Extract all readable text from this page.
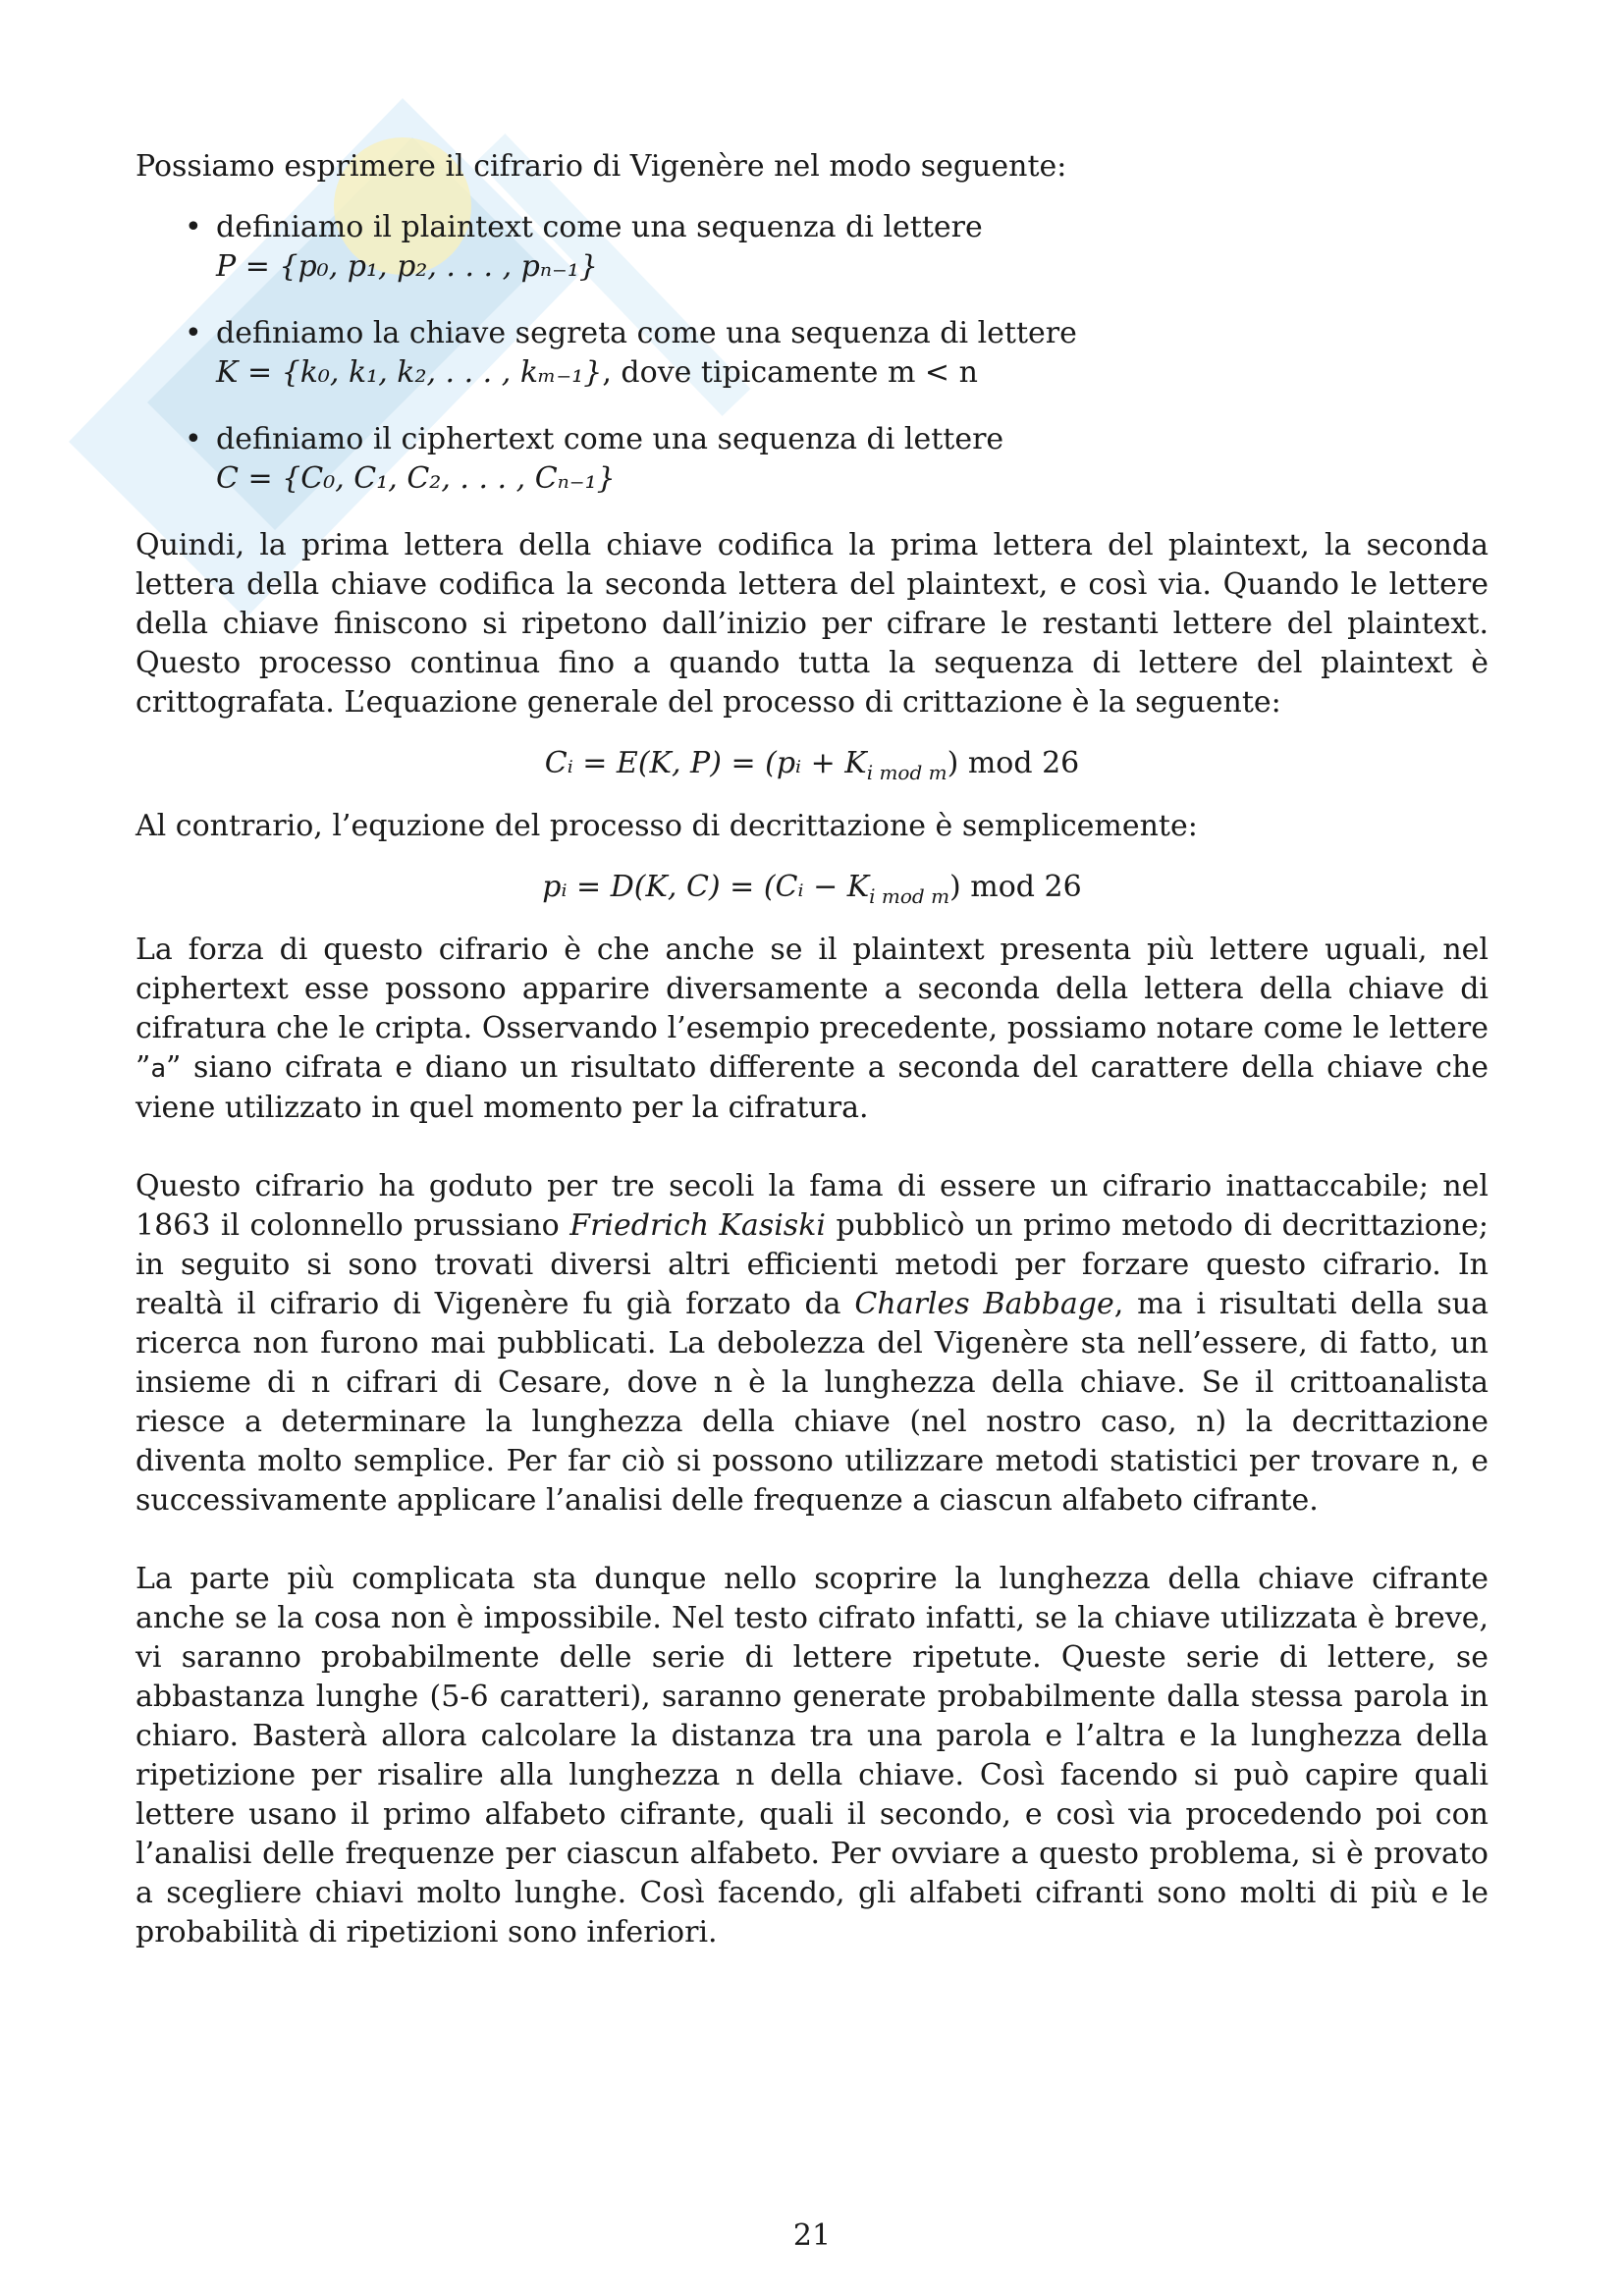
Possiamo esprimere il cifrario di Vigenère nel modo seguente:

• definiamo il plaintext come una sequenza di lettere
P = {p₀, p₁, p₂, . . . , pₙ₋₁}
• definiamo la chiave segreta come una sequenza di lettere
K = {k₀, k₁, k₂, . . . , kₘ₋₁}, dove tipicamente m < n
• definiamo il ciphertext come una sequenza di lettere
C = {C₀, C₁, C₂, . . . , Cₙ₋₁}

Quindi, la prima lettera della chiave codifica la prima lettera del plaintext, la seconda lettera della chiave codifica la seconda lettera del plaintext, e così via. Quando le lettere della chiave finiscono si ripetono dall’inizio per cifrare le restanti lettere del plaintext. Questo processo continua fino a quando tutta la sequenza di lettere del plaintext è crittografata. L’equazione generale del processo di crittazione è la seguente:

Cᵢ = E(K, P) = (pᵢ + $K_{i mod m}$) mod 26

Al contrario, l’equzione del processo di decrittazione è semplicemente:

pᵢ = D(K, C) = (Cᵢ − $K_{i mod m}$) mod 26

La forza di questo cifrario è che anche se il plaintext presenta più lettere uguali, nel ciphertext esse possono apparire diversamente a seconda della lettera della chiave di cifratura che le cripta. Osservando l’esempio precedente, possiamo notare come le lettere ”a” siano cifrata e diano un risultato differente a seconda del carattere della chiave che viene utilizzato in quel momento per la cifratura.

Questo cifrario ha goduto per tre secoli la fama di essere un cifrario inattaccabile; nel 1863 il colonnello prussiano Friedrich Kasiski pubblicò un primo metodo di decrittazione; in seguito si sono trovati diversi altri efficienti metodi per forzare questo cifrario. In realtà il cifrario di Vigenère fu già forzato da Charles Babbage, ma i risultati della sua ricerca non furono mai pubblicati. La debolezza del Vigenère sta nell’essere, di fatto, un insieme di n cifrari di Cesare, dove n è la lunghezza della chiave. Se il crittoanalista riesce a determinare la lunghezza della chiave (nel nostro caso, n) la decrittazione diventa molto semplice. Per far ciò si possono utilizzare metodi statistici per trovare n, e successivamente applicare l’analisi delle frequenze a ciascun alfabeto cifrante.

La parte più complicata sta dunque nello scoprire la lunghezza della chiave cifrante anche se la cosa non è impossibile. Nel testo cifrato infatti, se la chiave utilizzata è breve, vi saranno probabilmente delle serie di lettere ripetute. Queste serie di lettere, se abbastanza lunghe (5-6 caratteri), saranno generate probabilmente dalla stessa parola in chiaro. Basterà allora calcolare la distanza tra una parola e l’altra e la lunghezza della ripetizione per risalire alla lunghezza n della chiave. Così facendo si può capire quali lettere usano il primo alfabeto cifrante, quali il secondo, e così via procedendo poi con l’analisi delle frequenze per ciascun alfabeto. Per ovviare a questo problema, si è provato a scegliere chiavi molto lunghe. Così facendo, gli alfabeti cifranti sono molti di più e le probabilità di ripetizioni sono inferiori.

21
